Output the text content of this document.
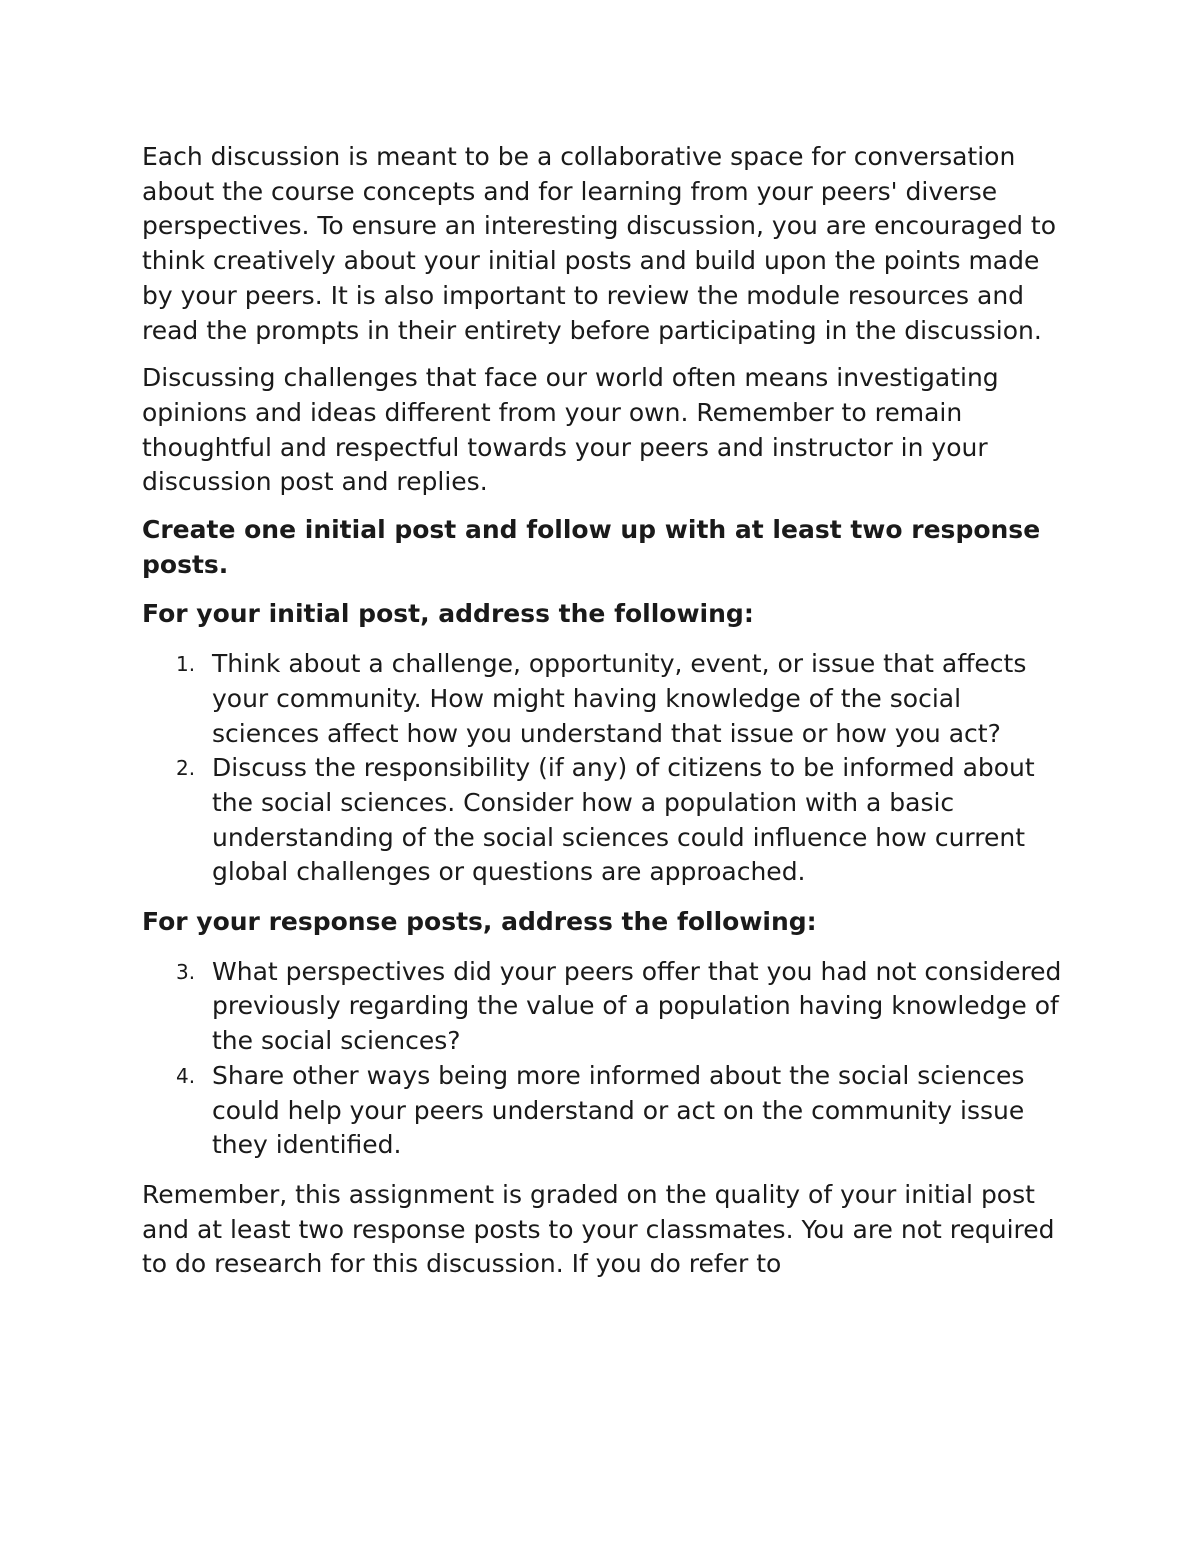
Each discussion is meant to be a collaborative space for conversation about the course concepts and for learning from your peers' diverse perspectives. To ensure an interesting discussion, you are encouraged to think creatively about your initial posts and build upon the points made by your peers. It is also important to review the module resources and read the prompts in their entirety before participating in the discussion.

Discussing challenges that face our world often means investigating opinions and ideas different from your own. Remember to remain thoughtful and respectful towards your peers and instructor in your discussion post and replies.

Create one initial post and follow up with at least two response posts.

For your initial post, address the following:

1. Think about a challenge, opportunity, event, or issue that affects your community. How might having knowledge of the social sciences affect how you understand that issue or how you act?
2. Discuss the responsibility (if any) of citizens to be informed about the social sciences. Consider how a population with a basic understanding of the social sciences could influence how current global challenges or questions are approached.

For your response posts, address the following:

3. What perspectives did your peers offer that you had not considered previously regarding the value of a population having knowledge of the social sciences?
4. Share other ways being more informed about the social sciences could help your peers understand or act on the community issue they identified.

Remember, this assignment is graded on the quality of your initial post and at least two response posts to your classmates. You are not required to do research for this discussion. If you do refer to
